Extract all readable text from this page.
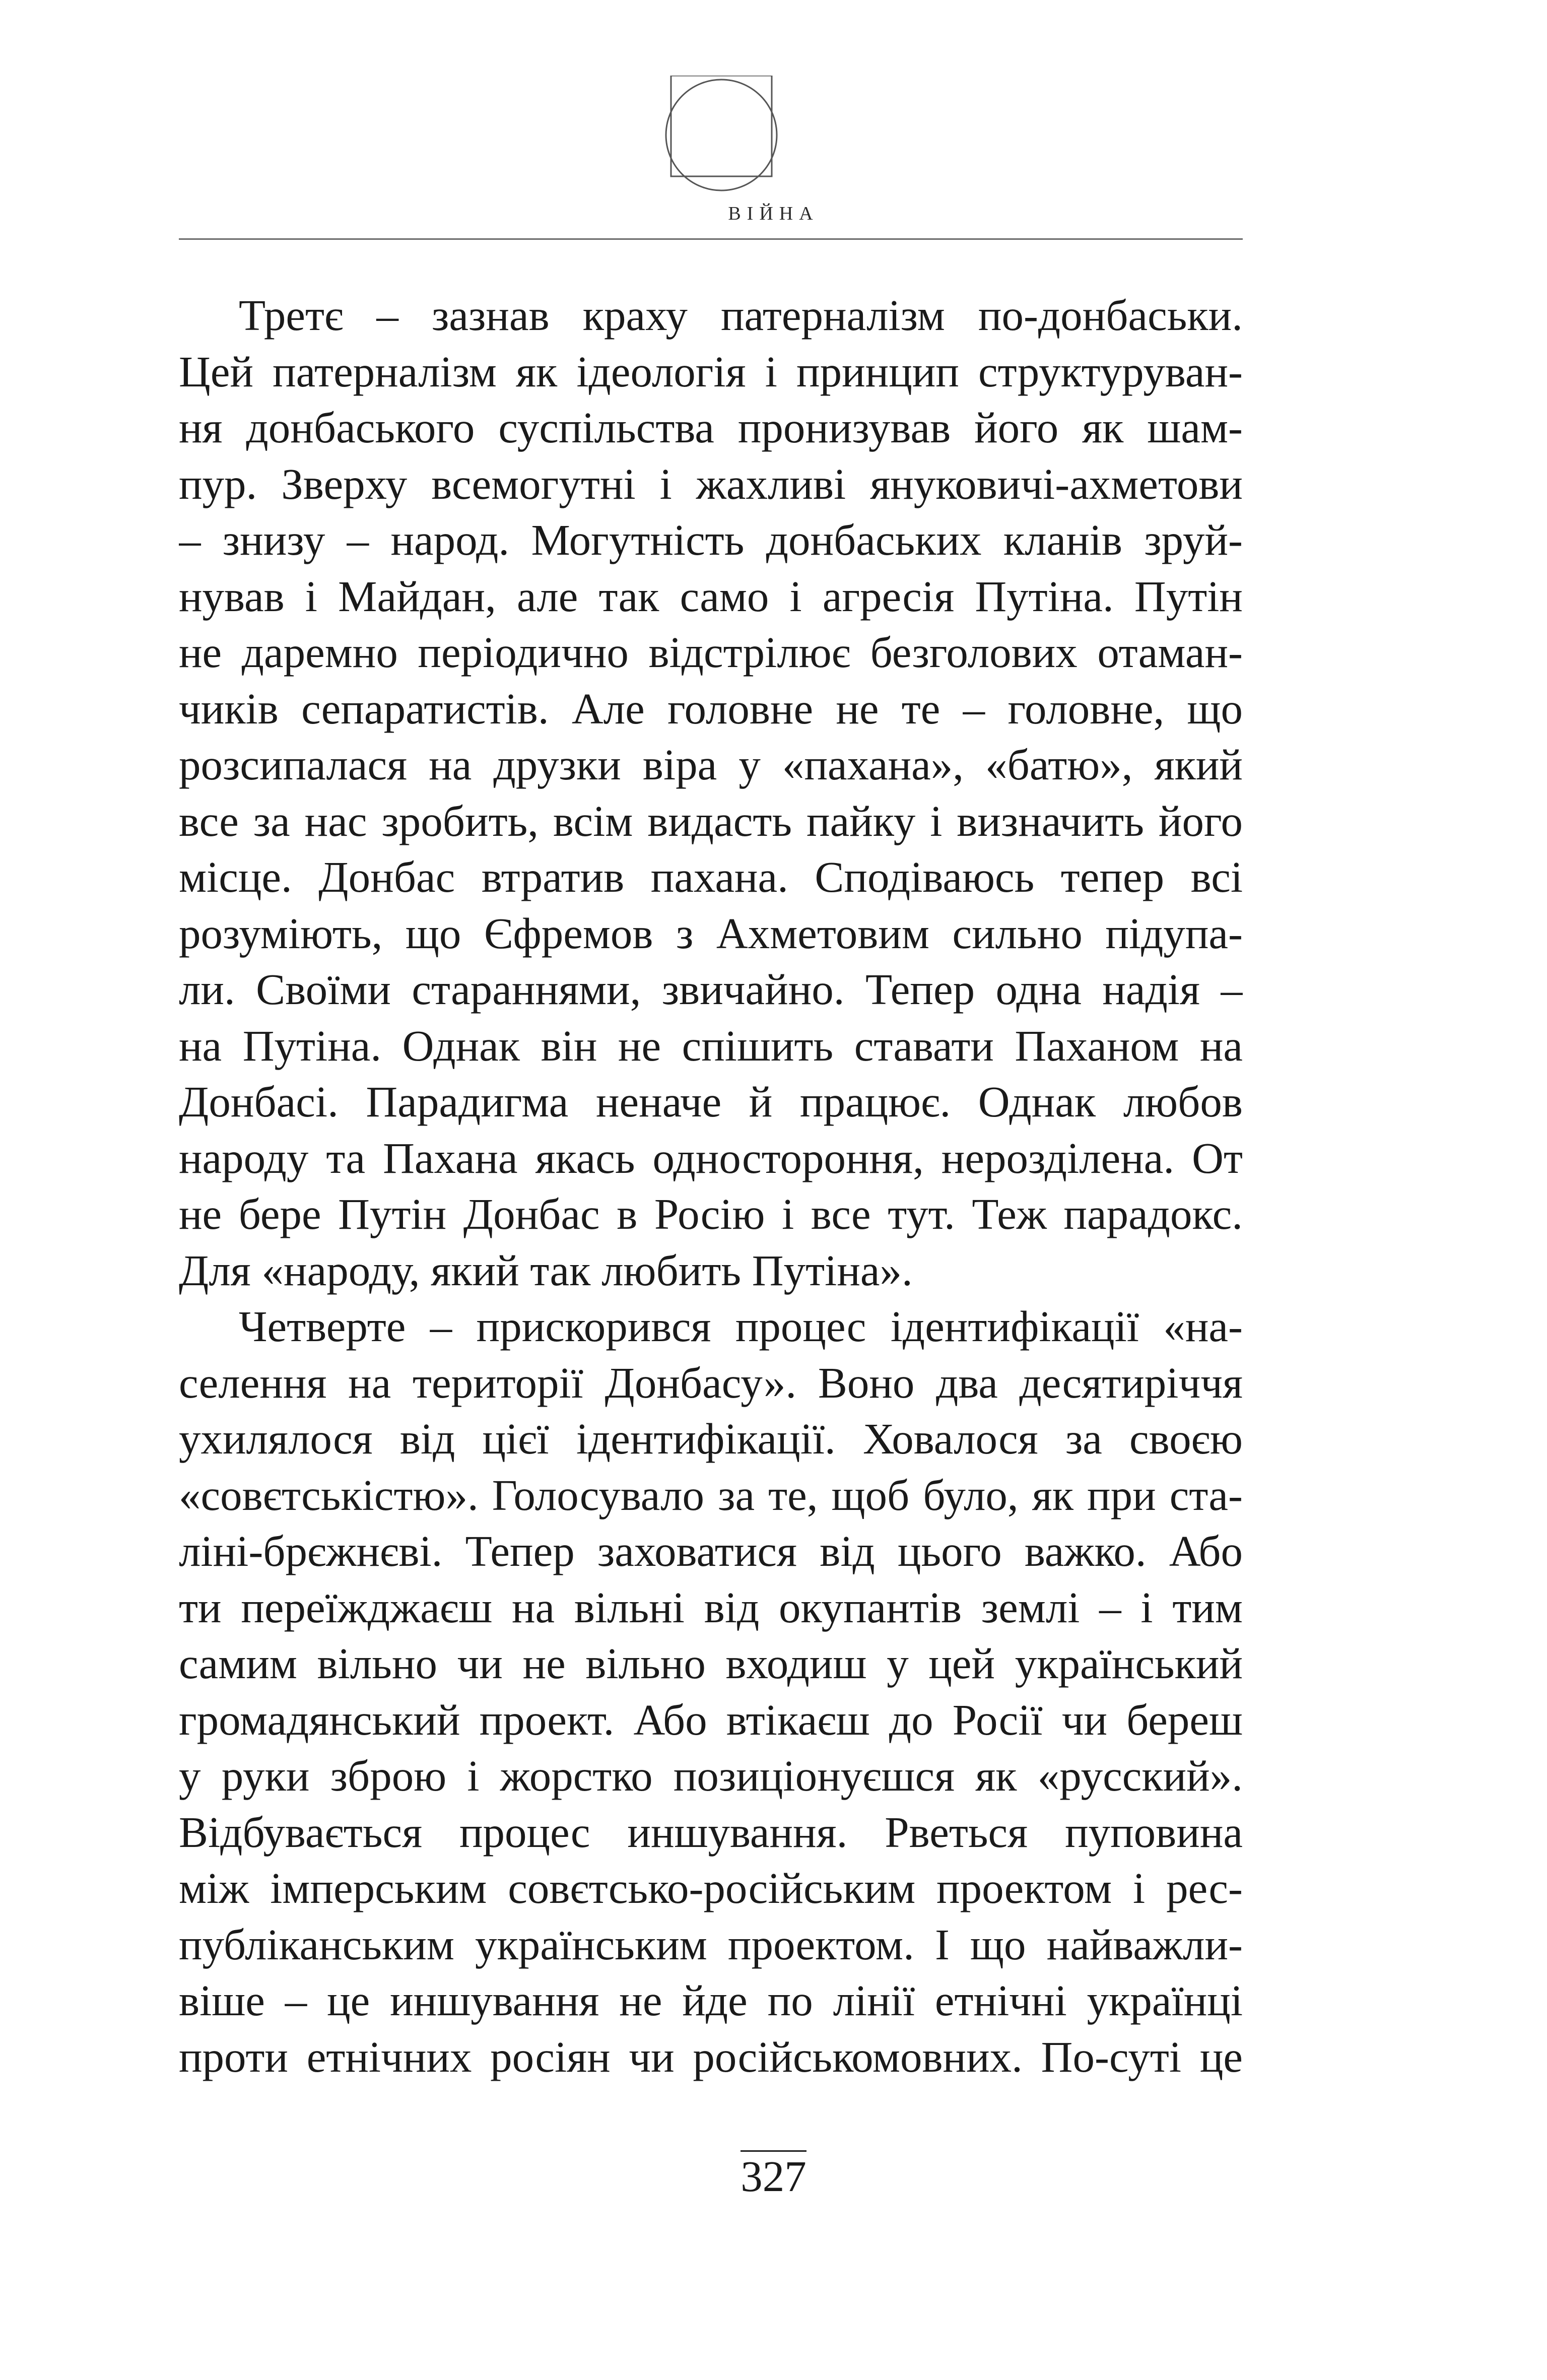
ВІЙНА
Третє – зазнав краху патерналізм по-донбаськи.
Цей патерналізм як ідеологія і принцип структуруван-
ня донбаського суспільства пронизував його як шам-
пур. Зверху всемогутні і жахливі януковичі-ахметови
– знизу – народ. Могутність донбаських кланів зруй-
нував і Майдан, але так само і агресія Путіна. Путін
не даремно періодично відстрілює безголових отаман-
чиків сепаратистів. Але головне не те – головне, що
розсипалася на друзки віра у «пахана», «батю», який
все за нас зробить, всім видасть пайку і визначить його
місце. Донбас втратив пахана. Сподіваюсь тепер всі
розуміють, що Єфремов з Ахметовим сильно підупа-
ли. Своїми стараннями, звичайно. Тепер одна надія –
на Путіна. Однак він не спішить ставати Паханом на
Донбасі. Парадигма неначе й працює. Однак любов
народу та Пахана якась одностороння, нерозділена. От
не бере Путін Донбас в Росію і все тут. Теж парадокс.
Для «народу, який так любить Путіна».
Четверте – прискорився процес ідентифікації «на-
селення на території Донбасу». Воно два десятиріччя
ухилялося від цієї ідентифікації. Ховалося за своєю
«совєтськістю». Голосувало за те, щоб було, як при ста-
ліні-брєжнєві. Тепер заховатися від цього важко. Або
ти переїжджаєш на вільні від окупантів землі – і тим
самим вільно чи не вільно входиш у цей український
громадянський проект. Або втікаєш до Росії чи береш
у руки зброю і жорстко позиціонуєшся як «русский».
Відбувається процес иншування. Рветься пуповина
між імперським совєтсько-російським проектом і рес-
публіканським українським проектом. І що найважли-
віше – це иншування не йде по лінії етнічні українці
проти етнічних росіян чи російськомовних. По-суті це
327
